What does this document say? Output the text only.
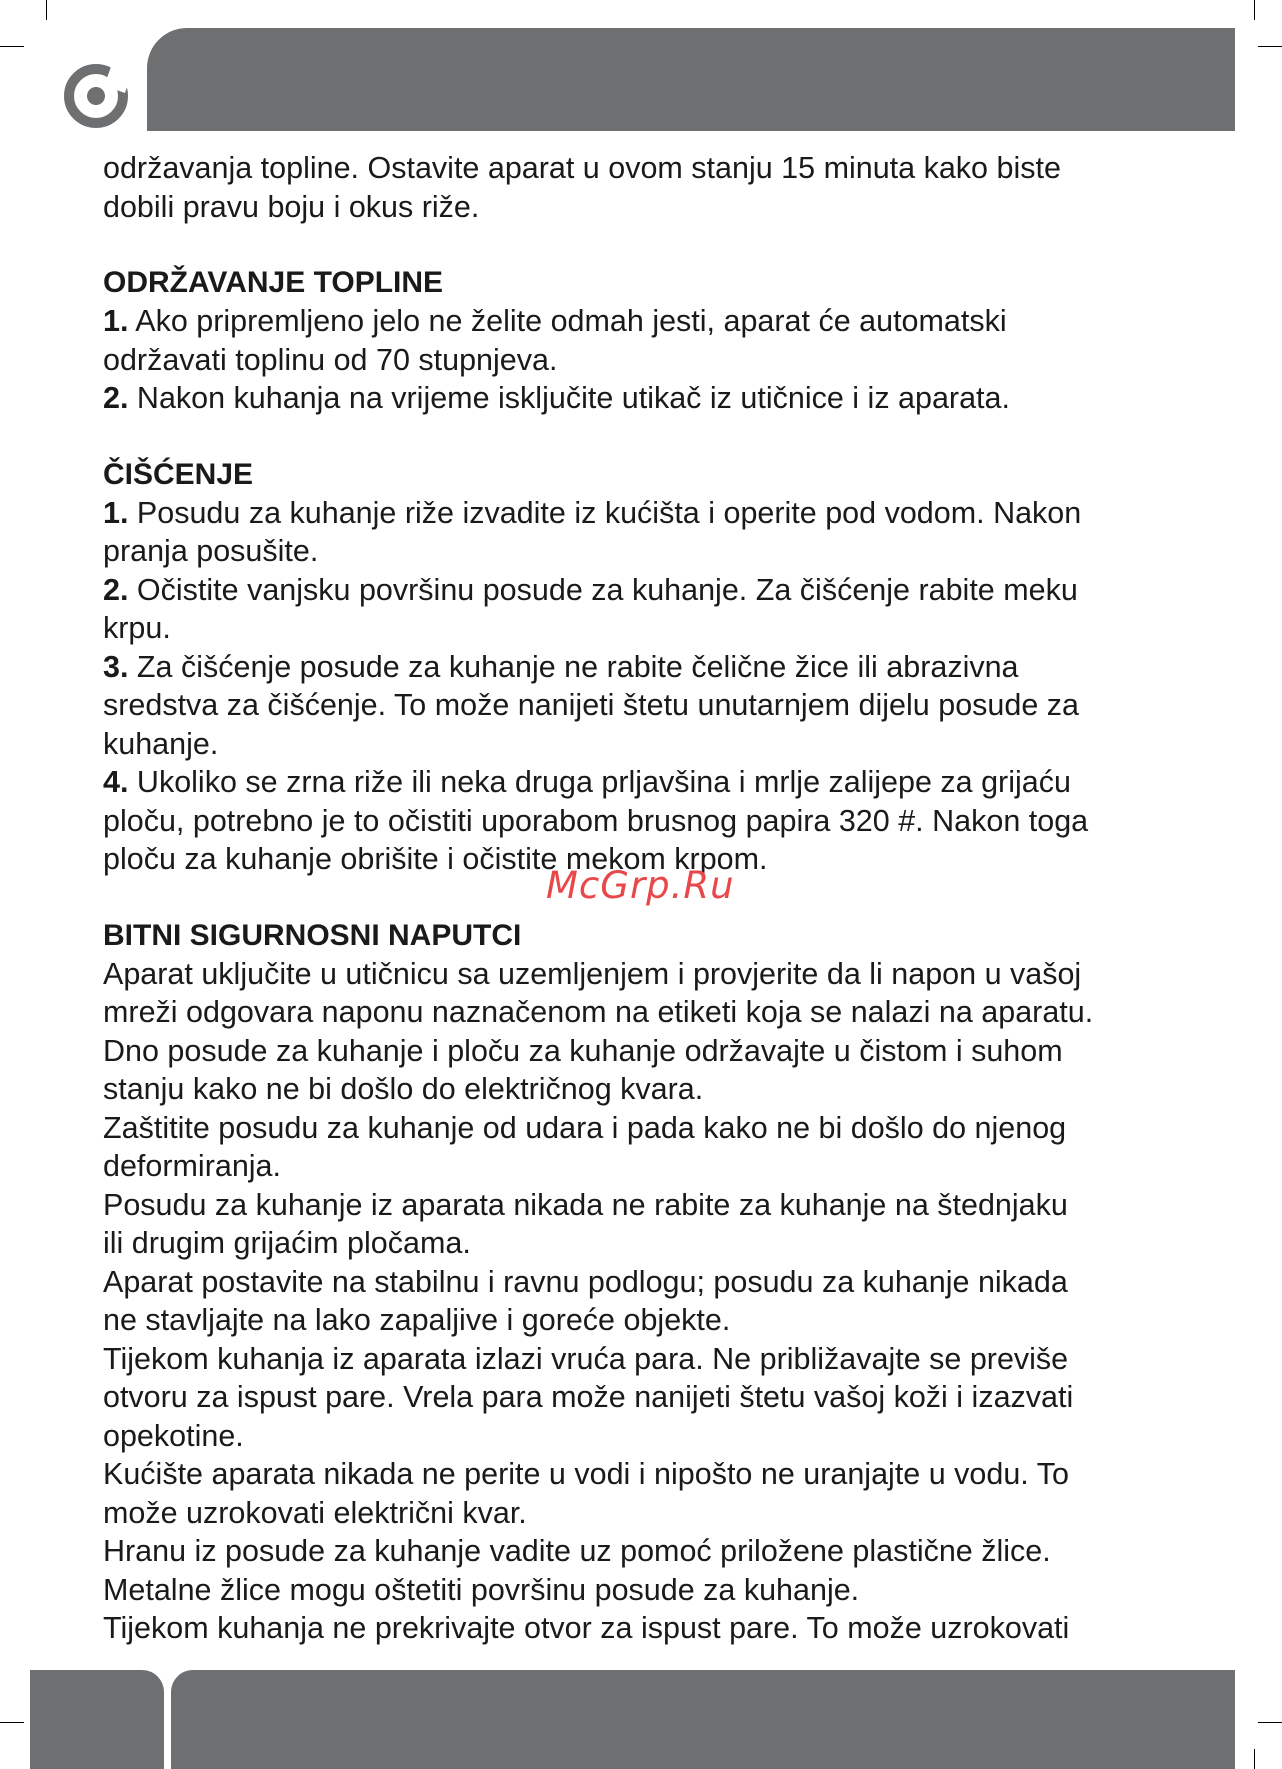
održavanja topline. Ostavite aparat u ovom stanju 15 minuta kako biste

dobili pravu boju i okus riže.

ODRŽAVANJE TOPLINE

1. Ako pripremljeno jelo ne želite odmah jesti, aparat će automatski

održavati toplinu od 70 stupnjeva.

2. Nakon kuhanja na vrijeme isključite utikač iz utičnice i iz aparata.

ČIŠĆENJE

1. Posudu za kuhanje riže izvadite iz kućišta i operite pod vodom. Nakon

pranja posušite.

2. Očistite vanjsku površinu posude za kuhanje. Za čišćenje rabite meku

krpu.

3. Za čišćenje posude za kuhanje ne rabite čelične žice ili abrazivna

sredstva za čišćenje. To može nanijeti štetu unutarnjem dijelu posude za

kuhanje.

4. Ukoliko se zrna riže ili neka druga prljavšina i mrlje zalijepe za grijaću

ploču, potrebno je to očistiti uporabom brusnog papira 320 #. Nakon toga

ploču za kuhanje obrišite i očistite mekom krpom.

BITNI SIGURNOSNI NAPUTCI

Aparat uključite u utičnicu sa uzemljenjem i provjerite da li napon u vašoj

mreži odgovara naponu naznačenom na etiketi koja se nalazi na aparatu.

Dno posude za kuhanje i ploču za kuhanje održavajte u čistom i suhom

stanju kako ne bi došlo do električnog kvara.

Zaštitite posudu za kuhanje od udara i pada kako ne bi došlo do njenog

deformiranja.

Posudu za kuhanje iz aparata nikada ne rabite za kuhanje na štednjaku

ili drugim grijaćim pločama.

Aparat postavite na stabilnu i ravnu podlogu; posudu za kuhanje nikada

ne stavljajte na lako zapaljive i goreće objekte.

Tijekom kuhanja iz aparata izlazi vruća para. Ne približavajte se previše

otvoru za ispust pare. Vrela para može nanijeti štetu vašoj koži i izazvati

opekotine.

Kućište aparata nikada ne perite u vodi i nipošto ne uranjajte u vodu. To

može uzrokovati električni kvar.

Hranu iz posude za kuhanje vadite uz pomoć priložene plastične žlice.

Metalne žlice mogu oštetiti površinu posude za kuhanje.

Tijekom kuhanja ne prekrivajte otvor za ispust pare. To može uzrokovati

McGrp.Ru
